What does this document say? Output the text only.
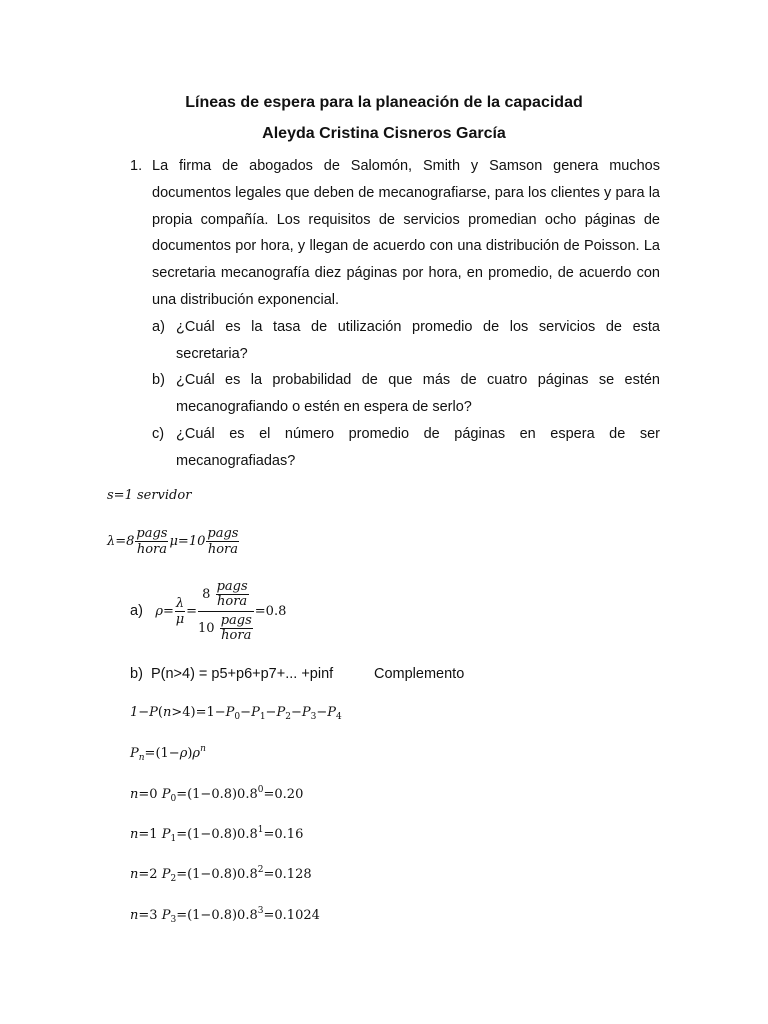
Líneas de espera para la planeación de la capacidad
Aleyda Cristina Cisneros García
1. La firma de abogados de Salomón, Smith y Samson genera muchos documentos legales que deben de mecanografiarse, para los clientes y para la propia compañía. Los requisitos de servicios promedian ocho páginas de documentos por hora, y llegan de acuerdo con una distribución de Poisson. La secretaria mecanografía diez páginas por hora, en promedio, de acuerdo con una distribución exponencial.
a) ¿Cuál es la tasa de utilización promedio de los servicios de esta secretaria?
b) ¿Cuál es la probabilidad de que más de cuatro páginas se estén mecanografiando o estén en espera de serlo?
c) ¿Cuál es el número promedio de páginas en espera de ser mecanografiadas?
s=1 servidor
$\lambda=8 \frac{\text{pags}}{\text{hora}} \mu=10 \frac{\text{pags}}{\text{hora}}$
a) $\rho= \frac{\lambda}{\mu} = \frac{8 \frac{\text{pags}}{\text{hora}}}{10 \frac{\text{pags}}{\text{hora}}} =0.8$
b) P(n>4) = p5+p6+p7+... +pinf	Complemento
$1-P(n>4)=1-P_0-P_1-P_2-P_3-P_4$
$P_n=(1-\rho)\rho^n$
n=0 $P_0=(1-0.8)0.8^0=0.20$
n=1 $P_1=(1-0.8)0.8^1=0.16$
n=2 $P_2=(1-0.8)0.8^2=0.128$
n=3 $P_3=(1-0.8)0.8^3=0.1024$
